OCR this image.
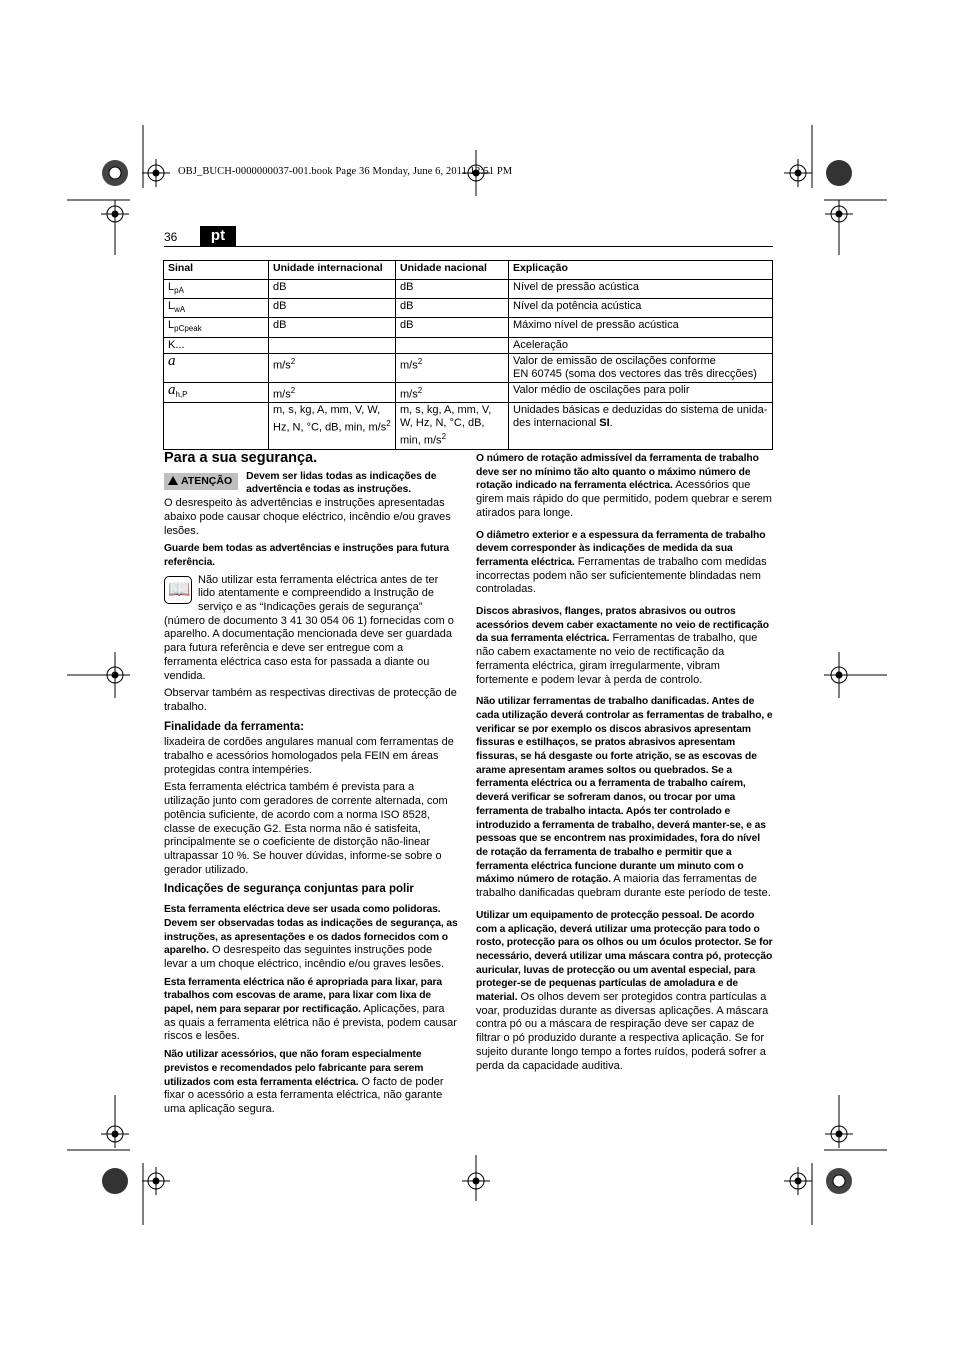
OBJ_BUCH-0000000037-001.book Page 36 Monday, June 6, 2011 12:51 PM
36	pt
Sinal	Unidade internacional	Unidade nacional	Explicação
$L_{pA}$	dB	dB	Nível de pressão acústica
$L_{wA}$	dB	dB	Nível da potência acústica
$L_{pCpeak}$	dB	dB	Máximo nível de pressão acústica
K...			Aceleração
a	$m/s^2$	$m/s^2$	Valor de emissão de oscilações conforme
EN 60745 (soma dos vectores das três direcções)

$a_{h,P}$	$m/s^2$	$m/s^2$	Valor médio de oscilações para polir
	m, s, kg, A, mm, V, W, Hz, N, °C, dB, min, $m/s^2$	m, s, kg, A, mm, V, W, Hz, N, °C, dB, min, $m/s^2$	Unidades básicas e deduzidas do sistema de unida-des internacional SI.
Para a sua segurança.
ATENÇÃO	Devem ser lidas todas as indicações de advertência e todas as instruções.

O desrespeito às advertências e instruções apresentadas abaixo pode causar choque eléctrico, incêndio e/ou graves lesões.

Guarde bem todas as advertências e instruções para futura referência.

📖 Não utilizar esta ferramenta eléctrica antes de ter lido atentamente e compreendido a Instrução de serviço e as “Indicações gerais de segurança” (número de documento 3 41 30 054 06 1) fornecidas com o aparelho. A documentação mencionada deve ser guardada para futura referência e deve ser entregue com a ferramenta eléctrica caso esta for passada a diante ou vendida.

Observar também as respectivas directivas de protecção de trabalho.

Finalidade da ferramenta:

lixadeira de cordões angulares manual com ferramentas de trabalho e acessórios homologados pela FEIN em áreas protegidas contra intempéries.

Esta ferramenta eléctrica também é prevista para a utilização junto com geradores de corrente alternada, com potência suficiente, de acordo com a norma ISO 8528, classe de execução G2. Esta norma não é satisfeita, principalmente se o coeficiente de distorção não-linear ultrapassar 10 %. Se houver dúvidas, informe-se sobre o gerador utilizado.

Indicações de segurança conjuntas para polir

Esta ferramenta eléctrica deve ser usada como polidoras. Devem ser observadas todas as indicações de segurança, as instruções, as apresentações e os dados fornecidos com o aparelho. O desrespeito das seguintes instruções pode levar a um choque eléctrico, incêndio e/ou graves lesões.

Esta ferramenta eléctrica não é apropriada para lixar, para trabalhos com escovas de arame, para lixar com lixa de papel, nem para separar por rectificação. Aplicações, para as quais a ferramenta elétrica não é prevista, podem causar riscos e lesões.

Não utilizar acessórios, que não foram especialmente previstos e recomendados pelo fabricante para serem utilizados com esta ferramenta eléctrica. O facto de poder fixar o acessório a esta ferramenta eléctrica, não garante uma aplicação segura.

O número de rotação admissível da ferramenta de trabalho deve ser no mínimo tão alto quanto o máximo número de rotação indicado na ferramenta eléctrica. Acessórios que girem mais rápido do que permitido, podem quebrar e serem atirados para longe.

O diâmetro exterior e a espessura da ferramenta de trabalho devem corresponder às indicações de medida da sua ferramenta eléctrica. Ferramentas de trabalho com medidas incorrectas podem não ser suficientemente blindadas nem controladas.

Discos abrasivos, flanges, pratos abrasivos ou outros acessórios devem caber exactamente no veio de rectificação da sua ferramenta eléctrica. Ferramentas de trabalho, que não cabem exactamente no veio de rectificação da ferramenta eléctrica, giram irregularmente, vibram fortemente e podem levar à perda de controlo.

Não utilizar ferramentas de trabalho danificadas. Antes de cada utilização deverá controlar as ferramentas de trabalho, e verificar se por exemplo os discos abrasivos apresentam fissuras e estilhaços, se pratos abrasivos apresentam fissuras, se há desgaste ou forte atrição, se as escovas de arame apresentam arames soltos ou quebrados. Se a ferramenta eléctrica ou a ferramenta de trabalho caírem, deverá verificar se sofreram danos, ou trocar por uma ferramenta de trabalho intacta. Após ter controlado e introduzido a ferramenta de trabalho, deverá manter-se, e as pessoas que se encontrem nas proximidades, fora do nível de rotação da ferramenta de trabalho e permitir que a ferramenta eléctrica funcione durante um minuto com o máximo número de rotação. A maioria das ferramentas de trabalho danificadas quebram durante este período de teste.

Utilizar um equipamento de protecção pessoal. De acordo com a aplicação, deverá utilizar uma protecção para todo o rosto, protecção para os olhos ou um óculos protector. Se for necessário, deverá utilizar uma máscara contra pó, protecção auricular, luvas de protecção ou um avental especial, para proteger-se de pequenas partículas de amoladura e de material. Os olhos devem ser protegidos contra partículas a voar, produzidas durante as diversas aplicações. A máscara contra pó ou a máscara de respiração deve ser capaz de filtrar o pó produzido durante a respectiva aplicação. Se for sujeito durante longo tempo a fortes ruídos, poderá sofrer a perda da capacidade auditiva.
